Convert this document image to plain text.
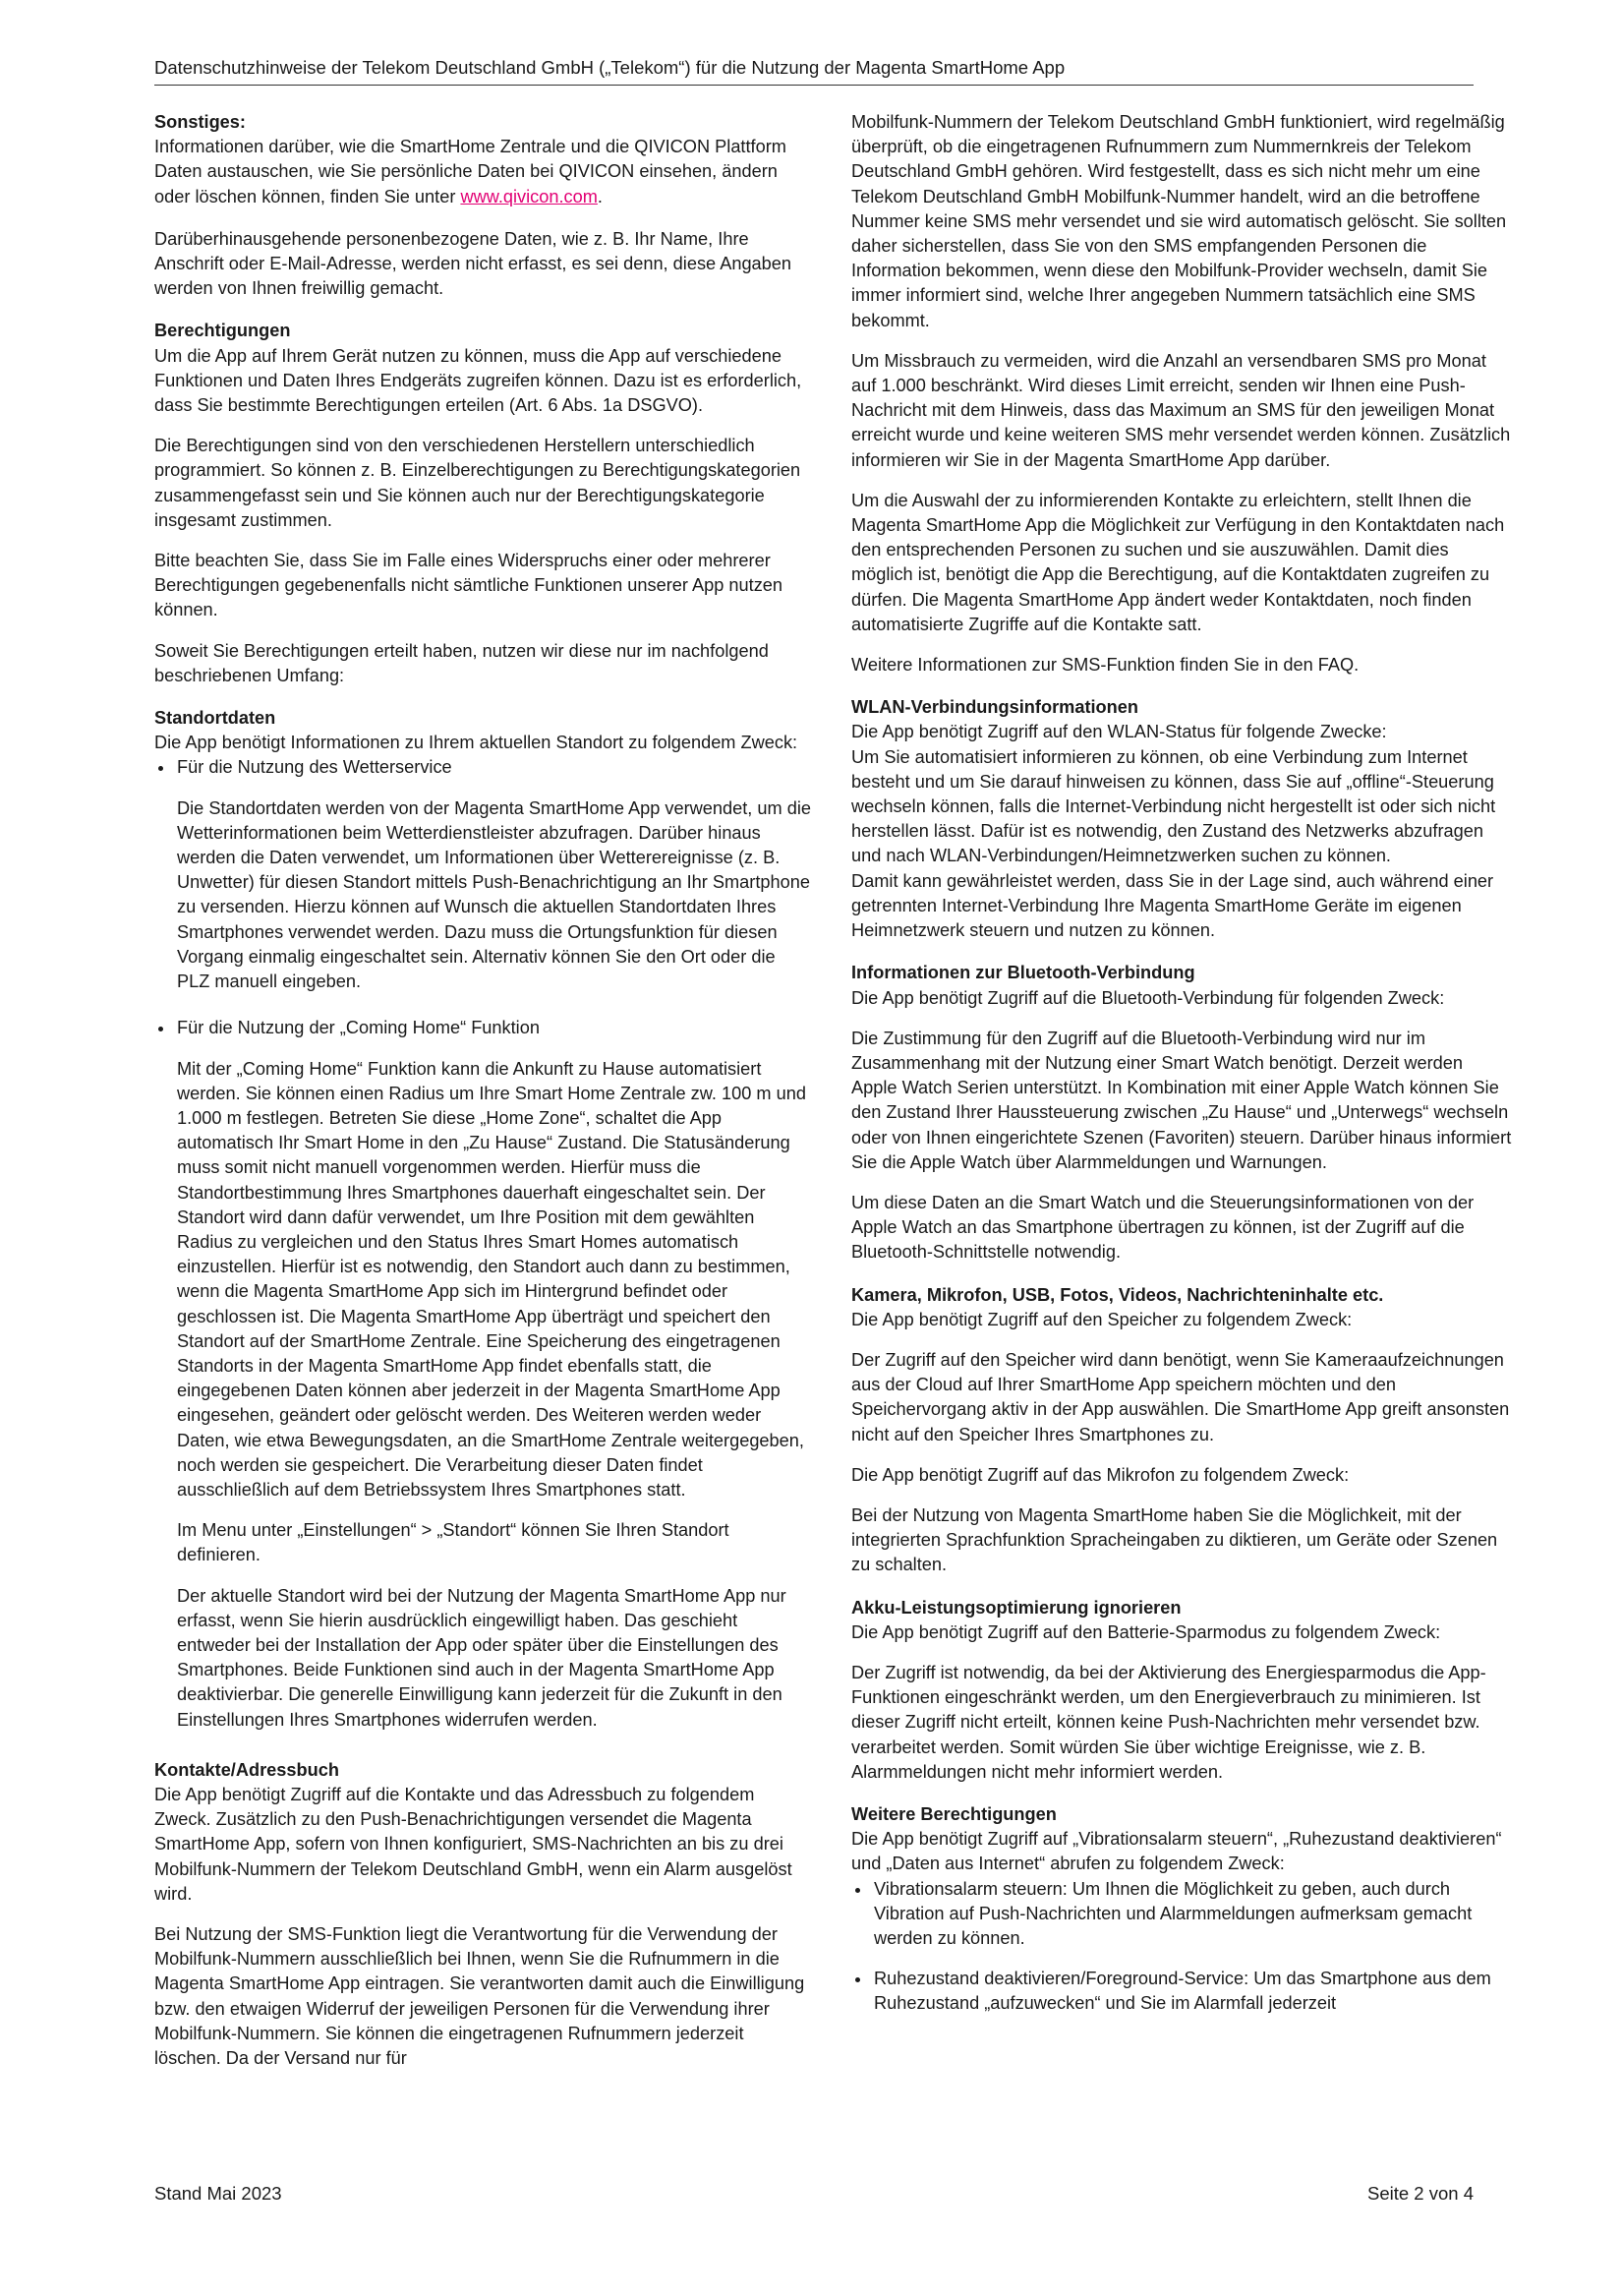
Datenschutzhinweise der Telekom Deutschland GmbH („Telekom“) für die Nutzung der Magenta SmartHome App
Sonstiges:

Informationen darüber, wie die SmartHome Zentrale und die QIVICON Plattform Daten austauschen, wie Sie persönliche Daten bei QIVICON einsehen, ändern oder löschen können, finden Sie unter www.qivicon.com.

Darüberhinausgehende personenbezogene Daten, wie z. B. Ihr Name, Ihre Anschrift oder E-Mail-Adresse, werden nicht erfasst, es sei denn, diese Angaben werden von Ihnen freiwillig gemacht.

Berechtigungen

Um die App auf Ihrem Gerät nutzen zu können, muss die App auf verschiedene Funktionen und Daten Ihres Endgeräts zugreifen können. Dazu ist es erforderlich, dass Sie bestimmte Berechtigungen erteilen (Art. 6 Abs. 1a DSGVO).

Die Berechtigungen sind von den verschiedenen Herstellern unterschiedlich programmiert. So können z. B. Einzelberechtigungen zu Berechtigungskategorien zusammengefasst sein und Sie können auch nur der Berechtigungskategorie insgesamt zustimmen.

Bitte beachten Sie, dass Sie im Falle eines Widerspruchs einer oder mehrerer Berechtigungen gegebenenfalls nicht sämtliche Funktionen unserer App nutzen können.

Soweit Sie Berechtigungen erteilt haben, nutzen wir diese nur im nachfolgend beschriebenen Umfang:

Standortdaten

Die App benötigt Informationen zu Ihrem aktuellen Standort zu folgendem Zweck:

Für die Nutzung des Wetterservice

Die Standortdaten werden von der Magenta SmartHome App verwendet, um die Wetterinformationen beim Wetterdienstleister abzufragen. Darüber hinaus werden die Daten verwendet, um Informationen über Wetterereignisse (z. B. Unwetter) für diesen Standort mittels Push-Benachrichtigung an Ihr Smartphone zu versenden. Hierzu können auf Wunsch die aktuellen Standortdaten Ihres Smartphones verwendet werden. Dazu muss die Ortungsfunktion für diesen Vorgang einmalig eingeschaltet sein. Alternativ können Sie den Ort oder die PLZ manuell eingeben.

Für die Nutzung der „Coming Home“ Funktion

Mit der „Coming Home“ Funktion kann die Ankunft zu Hause automatisiert werden. Sie können einen Radius um Ihre Smart Home Zentrale zw. 100 m und 1.000 m festlegen. Betreten Sie diese „Home Zone“, schaltet die App automatisch Ihr Smart Home in den „Zu Hause“ Zustand. Die Statusänderung muss somit nicht manuell vorgenommen werden. Hierfür muss die Standortbestimmung Ihres Smartphones dauerhaft eingeschaltet sein. Der Standort wird dann dafür verwendet, um Ihre Position mit dem gewählten Radius zu vergleichen und den Status Ihres Smart Homes automatisch einzustellen. Hierfür ist es notwendig, den Standort auch dann zu bestimmen, wenn die Magenta SmartHome App sich im Hintergrund befindet oder geschlossen ist. Die Magenta SmartHome App überträgt und speichert den Standort auf der SmartHome Zentrale. Eine Speicherung des eingetragenen Standorts in der Magenta SmartHome App findet ebenfalls statt, die eingegebenen Daten können aber jederzeit in der Magenta SmartHome App eingesehen, geändert oder gelöscht werden. Des Weiteren werden weder Daten, wie etwa Bewegungsdaten, an die SmartHome Zentrale weitergegeben, noch werden sie gespeichert. Die Verarbeitung dieser Daten findet ausschließlich auf dem Betriebssystem Ihres Smartphones statt.

Im Menu unter „Einstellungen“ > „Standort“ können Sie Ihren Standort definieren.

Der aktuelle Standort wird bei der Nutzung der Magenta SmartHome App nur erfasst, wenn Sie hierin ausdrücklich eingewilligt haben. Das geschieht entweder bei der Installation der App oder später über die Einstellungen des Smartphones. Beide Funktionen sind auch in der Magenta SmartHome App deaktivierbar. Die generelle Einwilligung kann jederzeit für die Zukunft in den Einstellungen Ihres Smartphones widerrufen werden.

Kontakte/Adressbuch

Die App benötigt Zugriff auf die Kontakte und das Adressbuch zu folgendem Zweck. Zusätzlich zu den Push-Benachrichtigungen versendet die Magenta SmartHome App, sofern von Ihnen konfiguriert, SMS-Nachrichten an bis zu drei Mobilfunk-Nummern der Telekom Deutschland GmbH, wenn ein Alarm ausgelöst wird.

Bei Nutzung der SMS-Funktion liegt die Verantwortung für die Verwendung der Mobilfunk-Nummern ausschließlich bei Ihnen, wenn Sie die Rufnummern in die Magenta SmartHome App eintragen. Sie verantworten damit auch die Einwilligung bzw. den etwaigen Widerruf der jeweiligen Personen für die Verwendung ihrer Mobilfunk-Nummern. Sie können die eingetragenen Rufnummern jederzeit löschen. Da der Versand nur für

Mobilfunk-Nummern der Telekom Deutschland GmbH funktioniert, wird regelmäßig überprüft, ob die eingetragenen Rufnummern zum Nummernkreis der Telekom Deutschland GmbH gehören. Wird festgestellt, dass es sich nicht mehr um eine Telekom Deutschland GmbH Mobilfunk-Nummer handelt, wird an die betroffene Nummer keine SMS mehr versendet und sie wird automatisch gelöscht. Sie sollten daher sicherstellen, dass Sie von den SMS empfangenden Personen die Information bekommen, wenn diese den Mobilfunk-Provider wechseln, damit Sie immer informiert sind, welche Ihrer angegeben Nummern tatsächlich eine SMS bekommt.

Um Missbrauch zu vermeiden, wird die Anzahl an versendbaren SMS pro Monat auf 1.000 beschränkt. Wird dieses Limit erreicht, senden wir Ihnen eine Push-Nachricht mit dem Hinweis, dass das Maximum an SMS für den jeweiligen Monat erreicht wurde und keine weiteren SMS mehr versendet werden können. Zusätzlich informieren wir Sie in der Magenta SmartHome App darüber.

Um die Auswahl der zu informierenden Kontakte zu erleichtern, stellt Ihnen die Magenta SmartHome App die Möglichkeit zur Verfügung in den Kontaktdaten nach den entsprechenden Personen zu suchen und sie auszuwählen. Damit dies möglich ist, benötigt die App die Berechtigung, auf die Kontaktdaten zugreifen zu dürfen. Die Magenta SmartHome App ändert weder Kontaktdaten, noch finden automatisierte Zugriffe auf die Kontakte satt.

Weitere Informationen zur SMS-Funktion finden Sie in den FAQ.

WLAN-Verbindungsinformationen

Die App benötigt Zugriff auf den WLAN-Status für folgende Zwecke:

Um Sie automatisiert informieren zu können, ob eine Verbindung zum Internet besteht und um Sie darauf hinweisen zu können, dass Sie auf „offline“-Steuerung wechseln können, falls die Internet-Verbindung nicht hergestellt ist oder sich nicht herstellen lässt. Dafür ist es notwendig, den Zustand des Netzwerks abzufragen und nach WLAN-Verbindungen/Heimnetzwerken suchen zu können.

Damit kann gewährleistet werden, dass Sie in der Lage sind, auch während einer getrennten Internet-Verbindung Ihre Magenta SmartHome Geräte im eigenen Heimnetzwerk steuern und nutzen zu können.

Informationen zur Bluetooth-Verbindung

Die App benötigt Zugriff auf die Bluetooth-Verbindung für folgenden Zweck:

Die Zustimmung für den Zugriff auf die Bluetooth-Verbindung wird nur im Zusammenhang mit der Nutzung einer Smart Watch benötigt. Derzeit werden Apple Watch Serien unterstützt. In Kombination mit einer Apple Watch können Sie den Zustand Ihrer Haussteuerung zwischen „Zu Hause“ und „Unterwegs“ wechseln oder von Ihnen eingerichtete Szenen (Favoriten) steuern. Darüber hinaus informiert Sie die Apple Watch über Alarmmeldungen und Warnungen.

Um diese Daten an die Smart Watch und die Steuerungsinformationen von der Apple Watch an das Smartphone übertragen zu können, ist der Zugriff auf die Bluetooth-Schnittstelle notwendig.

Kamera, Mikrofon, USB, Fotos, Videos, Nachrichteninhalte etc.

Die App benötigt Zugriff auf den Speicher zu folgendem Zweck:

Der Zugriff auf den Speicher wird dann benötigt, wenn Sie Kameraaufzeichnungen aus der Cloud auf Ihrer SmartHome App speichern möchten und den Speichervorgang aktiv in der App auswählen. Die SmartHome App greift ansonsten nicht auf den Speicher Ihres Smartphones zu.

Die App benötigt Zugriff auf das Mikrofon zu folgendem Zweck:

Bei der Nutzung von Magenta SmartHome haben Sie die Möglichkeit, mit der integrierten Sprachfunktion Spracheingaben zu diktieren, um Geräte oder Szenen zu schalten.

Akku-Leistungsoptimierung ignorieren

Die App benötigt Zugriff auf den Batterie-Sparmodus zu folgendem Zweck:

Der Zugriff ist notwendig, da bei der Aktivierung des Energiesparmodus die App-Funktionen eingeschränkt werden, um den Energieverbrauch zu minimieren. Ist dieser Zugriff nicht erteilt, können keine Push-Nachrichten mehr versendet bzw. verarbeitet werden. Somit würden Sie über wichtige Ereignisse, wie z. B. Alarmmeldungen nicht mehr informiert werden.

Weitere Berechtigungen

Die App benötigt Zugriff auf „Vibrationsalarm steuern“, „Ruhezustand deaktivieren“ und „Daten aus Internet“ abrufen zu folgendem Zweck:

Vibrationsalarm steuern: Um Ihnen die Möglichkeit zu geben, auch durch Vibration auf Push-Nachrichten und Alarmmeldungen aufmerksam gemacht werden zu können.

Ruhezustand deaktivieren/Foreground-Service: Um das Smartphone aus dem Ruhezustand „aufzuwecken“ und Sie im Alarmfall jederzeit

Stand Mai 2023	Seite 2 von 4
